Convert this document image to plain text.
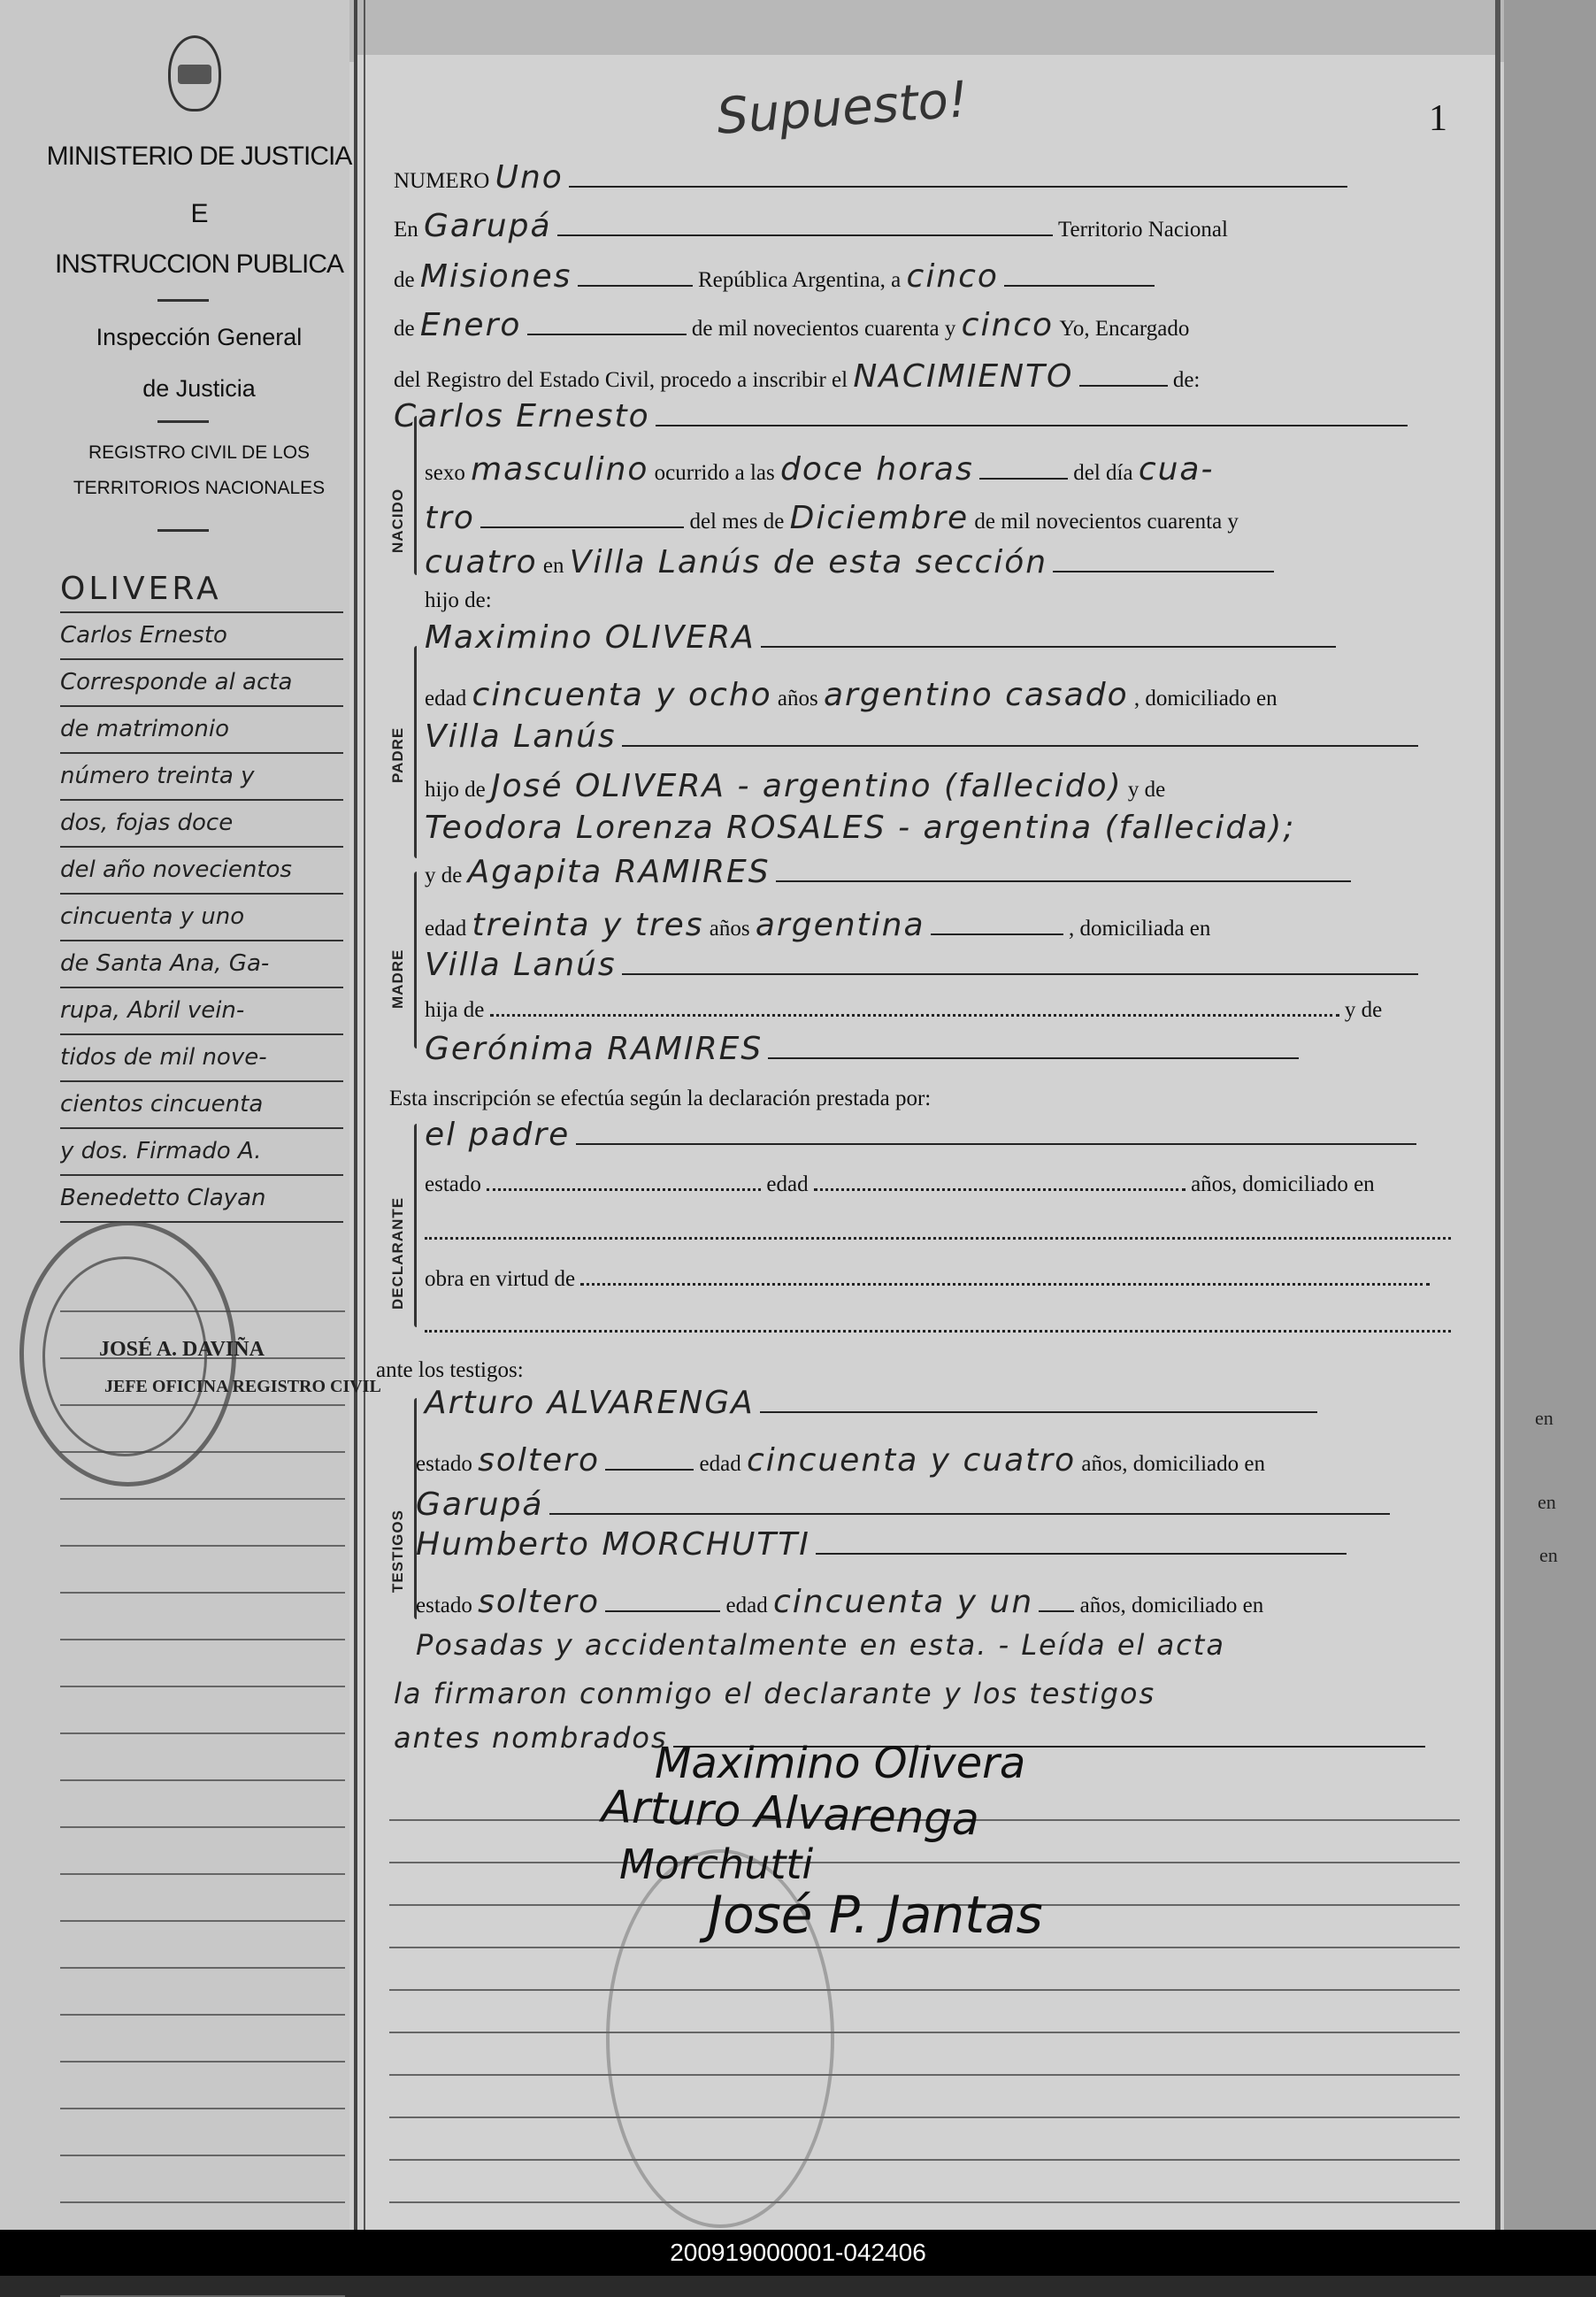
en
en
en
MINISTERIO DE JUSTICIA
E
INSTRUCCION PUBLICA
Inspección General
de Justicia
REGISTRO CIVIL DE LOS
TERRITORIOS NACIONALES
OLIVERA
Carlos Ernesto
Corresponde al acta
de matrimonio
número treinta y
dos, fojas doce
del año novecientos
cincuenta y uno
de Santa Ana, Ga-
rupa, Abril vein-
tidos de mil nove-
cientos cincuenta
y dos. Firmado A.
Benedetto Clayan
JOSÉ A. DAVIÑA
JEFE OFICINA REGISTRO CIVIL
1
Supuesto!
NACIDO
PADRE
MADRE
DECLARANTE
TESTIGOS
NUMERO Uno
En Garupá	Territorio Nacional
de Misiones	República Argentina, a cinco
de Enero	de mil novecientos cuarenta y cinco Yo, Encargado
del Registro del Estado Civil, procedo a inscribir el NACIMIENTO	de:
Carlos Ernesto
sexo masculino ocurrido a las doce horas	del día cua-
tro	del mes de Diciembre de mil novecientos cuarenta y
cuatro en Villa Lanús de esta sección
hijo de:
Maximino OLIVERA
edad cincuenta y ocho años argentino casado , domiciliado en
Villa Lanús
hijo de José OLIVERA - argentino (fallecido) y de
Teodora Lorenza ROSALES - argentina (fallecida);
y de Agapita RAMIRES
edad treinta y tres años argentina	, domiciliada en
Villa Lanús
hija de	y de
Gerónima RAMIRES
Esta inscripción se efectúa según la declaración prestada por:
el padre
estado	edad	años, domiciliado en
obra en virtud de
ante los testigos:
Arturo ALVARENGA
estado soltero	edad cincuenta y cuatro años, domiciliado en
Garupá
Humberto MORCHUTTI
estado soltero	edad cincuenta y un años, domiciliado en
Posadas y accidentalmente en esta. - Leída el acta
la firmaron conmigo el declarante y los testigos
antes nombrados
Maximino Olivera
Arturo Alvarenga
Morchutti
José P. Jantas
200919000001-042406
